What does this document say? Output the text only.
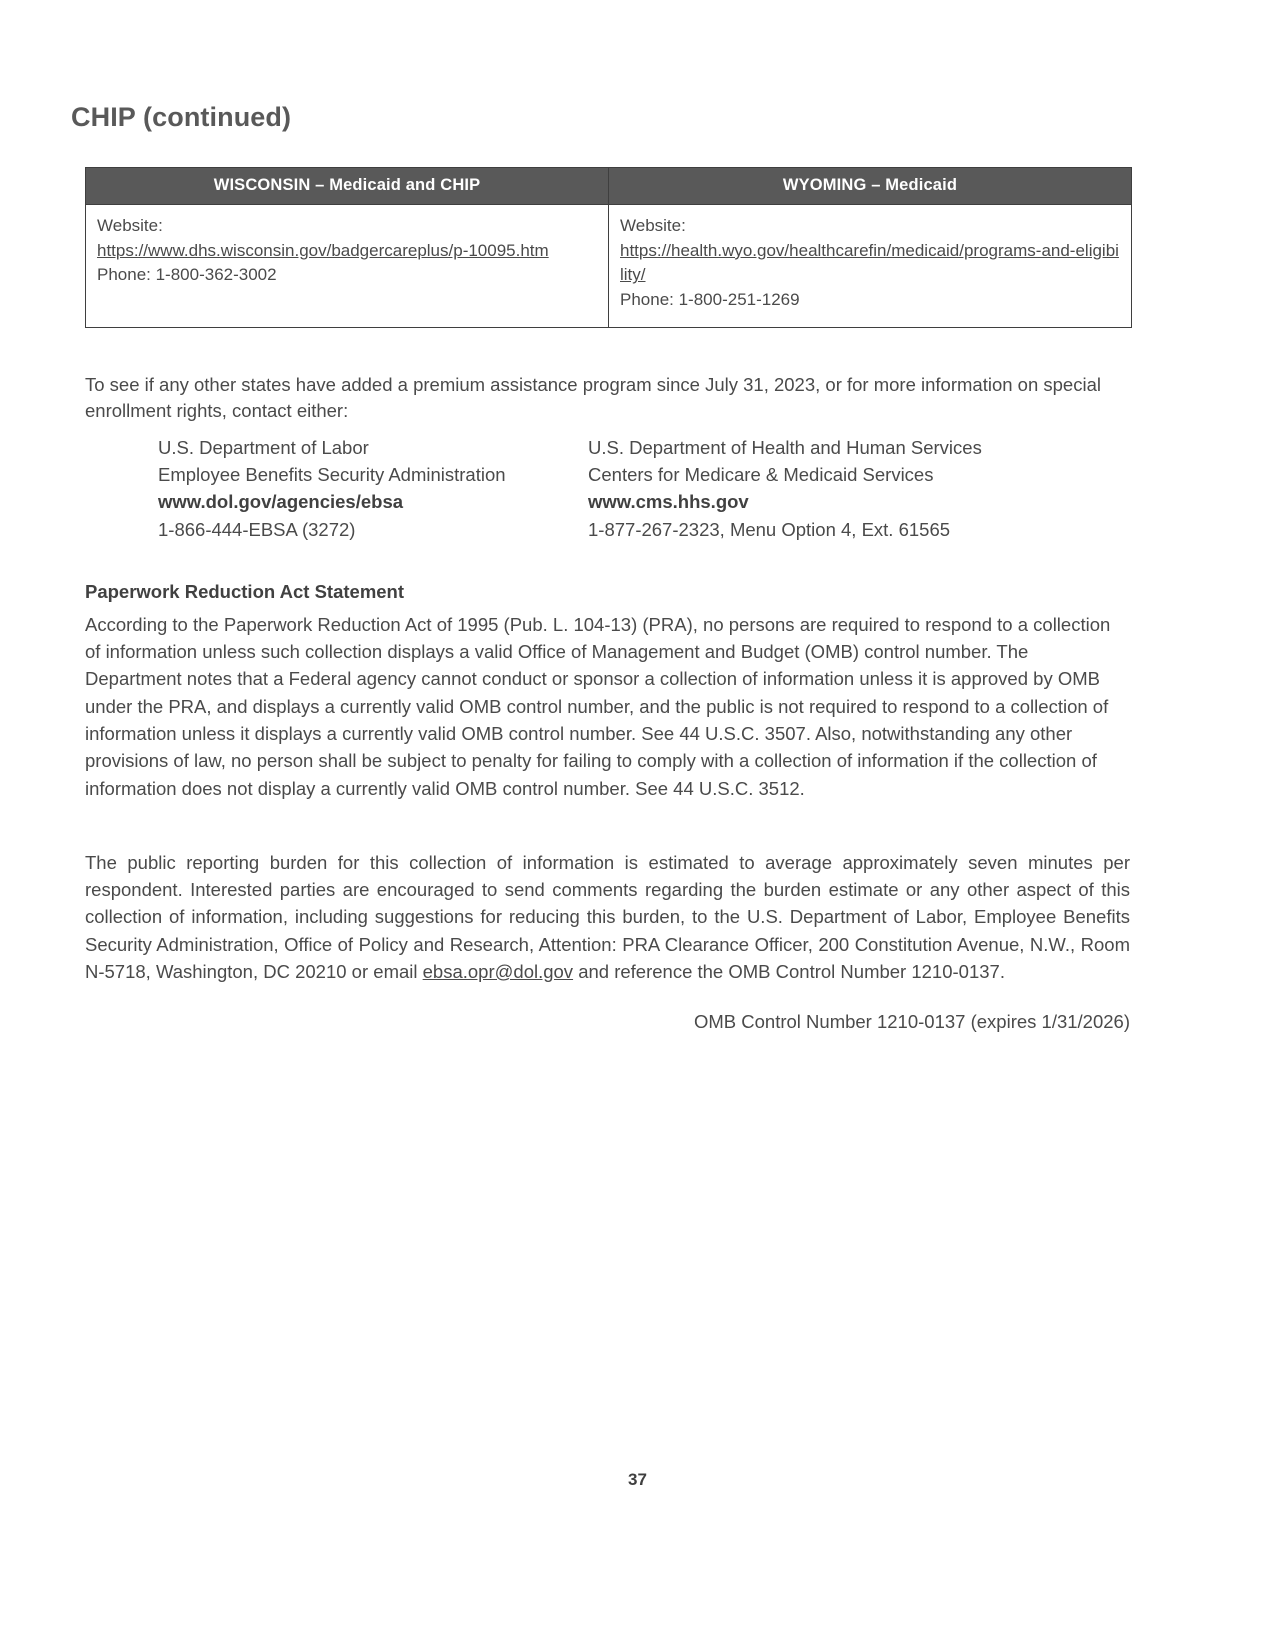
CHIP (continued)
WISCONSIN – Medicaid and CHIP	WYOMING – Medicaid

Website:
https://www.dhs.wisconsin.gov/badgercareplus/p-10095.htm
Phone: 1-800-362-3002	Website:
https://health.wyo.gov/healthcarefin/medicaid/programs-and-eligibility/
Phone: 1-800-251-1269

To see if any other states have added a premium assistance program since July 31, 2023, or for more information on special enrollment rights, contact either:

U.S. Department of Labor
Employee Benefits Security Administration
www.dol.gov/agencies/ebsa
1-866-444-EBSA (3272)
U.S. Department of Health and Human Services
Centers for Medicare & Medicaid Services
www.cms.hhs.gov
1-877-267-2323, Menu Option 4, Ext. 61565
Paperwork Reduction Act Statement

According to the Paperwork Reduction Act of 1995 (Pub. L. 104-13) (PRA), no persons are required to respond to a collection of information unless such collection displays a valid Office of Management and Budget (OMB) control number. The Department notes that a Federal agency cannot conduct or sponsor a collection of information unless it is approved by OMB under the PRA, and displays a currently valid OMB control number, and the public is not required to respond to a collection of information unless it displays a currently valid OMB control number. See 44 U.S.C. 3507. Also, notwithstanding any other provisions of law, no person shall be subject to penalty for failing to comply with a collection of information if the collection of information does not display a currently valid OMB control number. See 44 U.S.C. 3512.

The public reporting burden for this collection of information is estimated to average approximately seven minutes per respondent. Interested parties are encouraged to send comments regarding the burden estimate or any other aspect of this collection of information, including suggestions for reducing this burden, to the U.S. Department of Labor, Employee Benefits Security Administration, Office of Policy and Research, Attention: PRA Clearance Officer, 200 Constitution Avenue, N.W., Room N-5718, Washington, DC 20210 or email ebsa.opr@dol.gov and reference the OMB Control Number 1210-0137.

OMB Control Number 1210-0137 (expires 1/31/2026)
37
